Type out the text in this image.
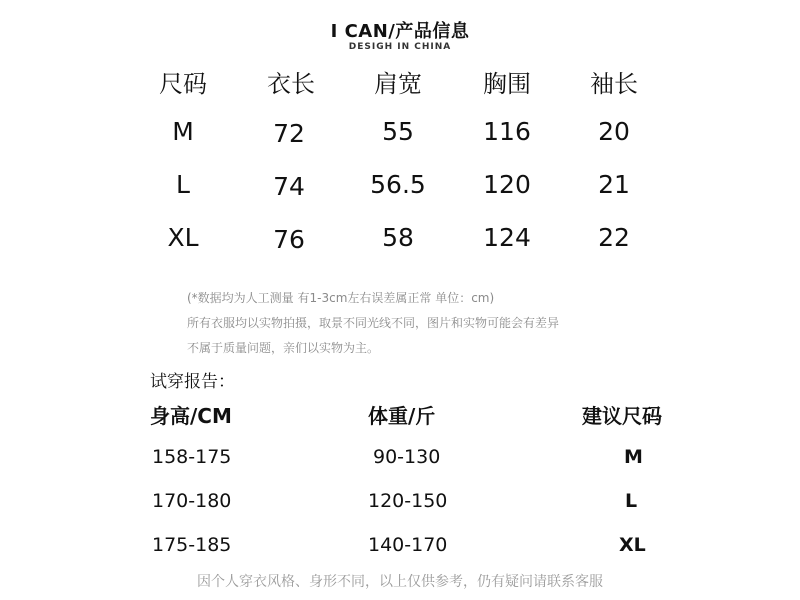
I CAN/产品信息
DESIGH IN CHINA
尺码	衣长	肩宽	胸围	袖长
M	72	55	116	20
L	74	56.5	120	21
XL	76	58	124	22
(*数据均为人工测量 有1-3cm左右误差属正常 单位：cm)
所有衣服均以实物拍摄，取景不同光线不同，图片和实物可能会有差异
不属于质量问题，亲们以实物为主。
试穿报告：
身高/CM	体重/斤	建议尺码
158-175	90-130	M
170-180	120-150	L
175-185	140-170	XL
因个人穿衣风格、身形不同，以上仅供参考，仍有疑问请联系客服
